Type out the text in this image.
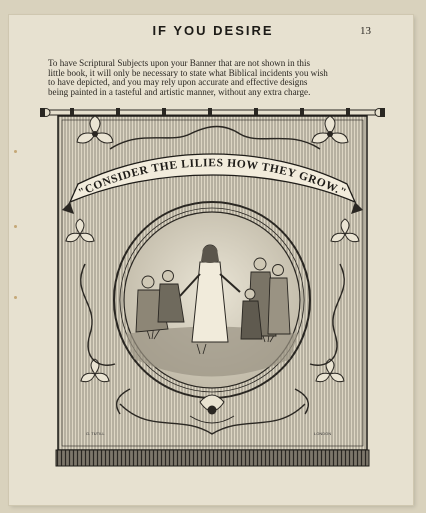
IF YOU DESIRE	13
To have Scriptural Subjects upon your Banner that are not shown in this
little book, it will only be necessary to state what Biblical incidents you wish
to have depicted, and you may rely upon accurate and effective designs
being painted in a tasteful and artistic manner, without any extra charge.
"CONSIDER THE LILIES HOW THEY GROW."
G. TUTILL	LONDON
